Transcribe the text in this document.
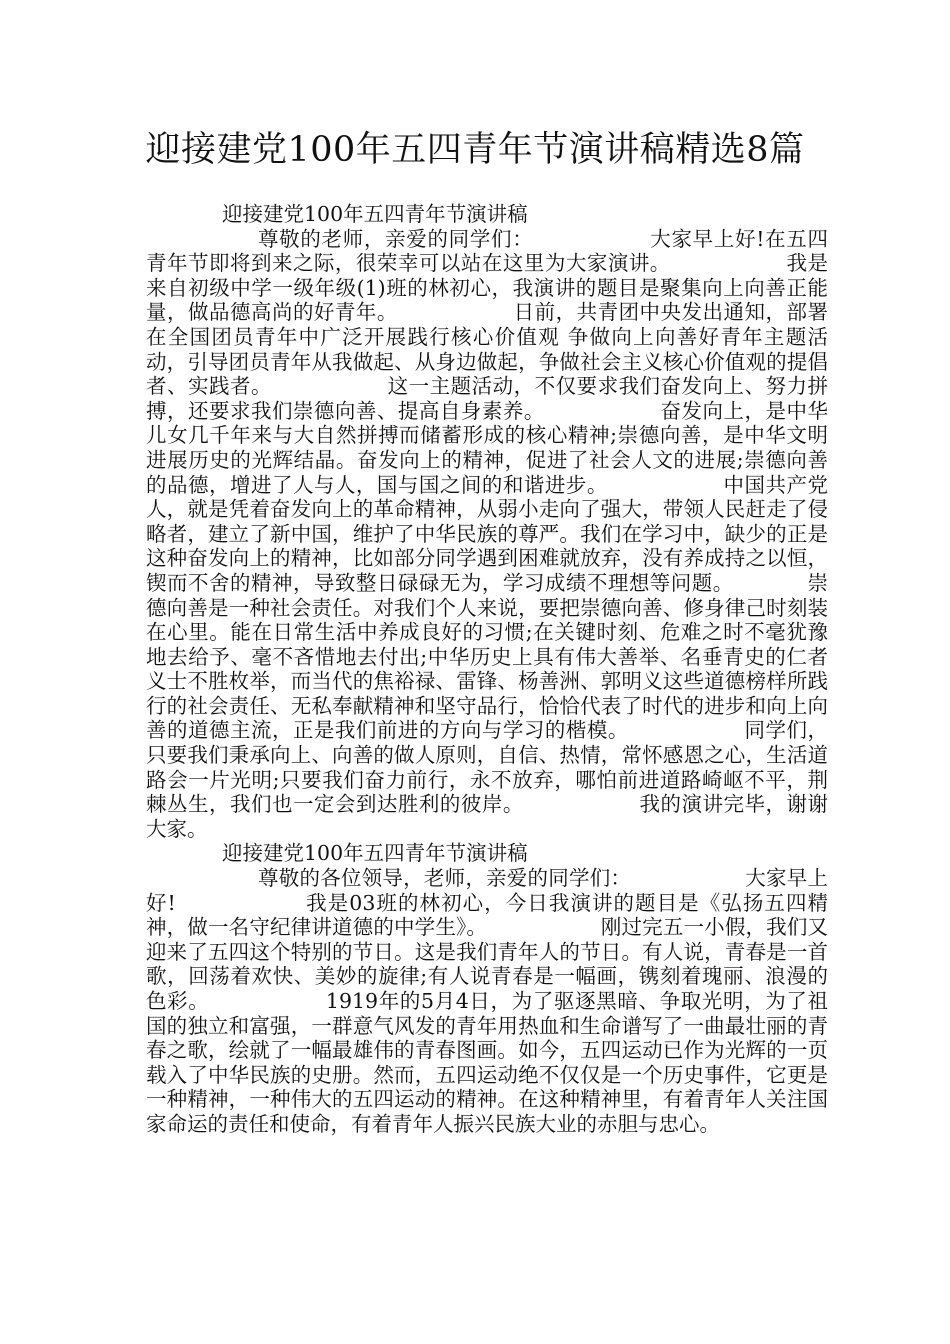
迎接建党100年五四青年节演讲稿精选8篇
迎接建党100年五四青年节演讲稿

尊敬的老师，亲爱的同学们：　　　　　　大家早上好!在五四青年节即将到来之际，很荣幸可以站在这里为大家演讲。　　　　　　我是来自初级中学一级年级(1)班的林初心，我演讲的题目是聚集向上向善正能量，做品德高尚的好青年。　　　　　　日前，共青团中央发出通知，部署在全国团员青年中广泛开展践行核心价值观 争做向上向善好青年主题活动，引导团员青年从我做起、从身边做起，争做社会主义核心价值观的提倡者、实践者。　　　　　　这一主题活动，不仅要求我们奋发向上、努力拼搏，还要求我们崇德向善、提高自身素养。　　　　　　奋发向上，是中华儿女几千年来与大自然拼搏而储蓄形成的核心精神;崇德向善，是中华文明进展历史的光辉结晶。奋发向上的精神，促进了社会人文的进展;崇德向善的品德，增进了人与人，国与国之间的和谐进步。　　　　　　中国共产党人，就是凭着奋发向上的革命精神，从弱小走向了强大，带领人民赶走了侵略者，建立了新中国，维护了中华民族的尊严。我们在学习中，缺少的正是这种奋发向上的精神，比如部分同学遇到困难就放弃，没有养成持之以恒，锲而不舍的精神，导致整日碌碌无为，学习成绩不理想等问题。　　　　崇德向善是一种社会责任。对我们个人来说，要把崇德向善、修身律己时刻装在心里。能在日常生活中养成良好的习惯;在关键时刻、危难之时不毫犹豫地去给予、毫不吝惜地去付出;中华历史上具有伟大善举、名垂青史的仁者义士不胜枚举，而当代的焦裕禄、雷锋、杨善洲、郭明义这些道德榜样所践行的社会责任、无私奉献精神和坚守品行，恰恰代表了时代的进步和向上向善的道德主流，正是我们前进的方向与学习的楷模。　　　　　　同学们，只要我们秉承向上、向善的做人原则，自信、热情，常怀感恩之心，生活道路会一片光明;只要我们奋力前行，永不放弃，哪怕前进道路崎岖不平，荆棘丛生，我们也一定会到达胜利的彼岸。　　　　　　我的演讲完毕，谢谢大家。

迎接建党100年五四青年节演讲稿

尊敬的各位领导，老师，亲爱的同学们：　　　　　　大家早上好!　　　　　　我是03班的林初心，今日我演讲的题目是《弘扬五四精神，做一名守纪律讲道德的中学生》。　　　　　　刚过完五一小假，我们又迎来了五四这个特别的节日。这是我们青年人的节日。有人说，青春是一首歌，回荡着欢快、美妙的旋律;有人说青春是一幅画，镌刻着瑰丽、浪漫的色彩。　　　　　　1919年的5月4日，为了驱逐黑暗、争取光明，为了祖国的独立和富强，一群意气风发的青年用热血和生命谱写了一曲最壮丽的青春之歌，绘就了一幅最雄伟的青春图画。如今，五四运动已作为光辉的一页载入了中华民族的史册。然而，五四运动绝不仅仅是一个历史事件，它更是一种精神，一种伟大的五四运动的精神。在这种精神里，有着青年人关注国家命运的责任和使命，有着青年人振兴民族大业的赤胆与忠心。
